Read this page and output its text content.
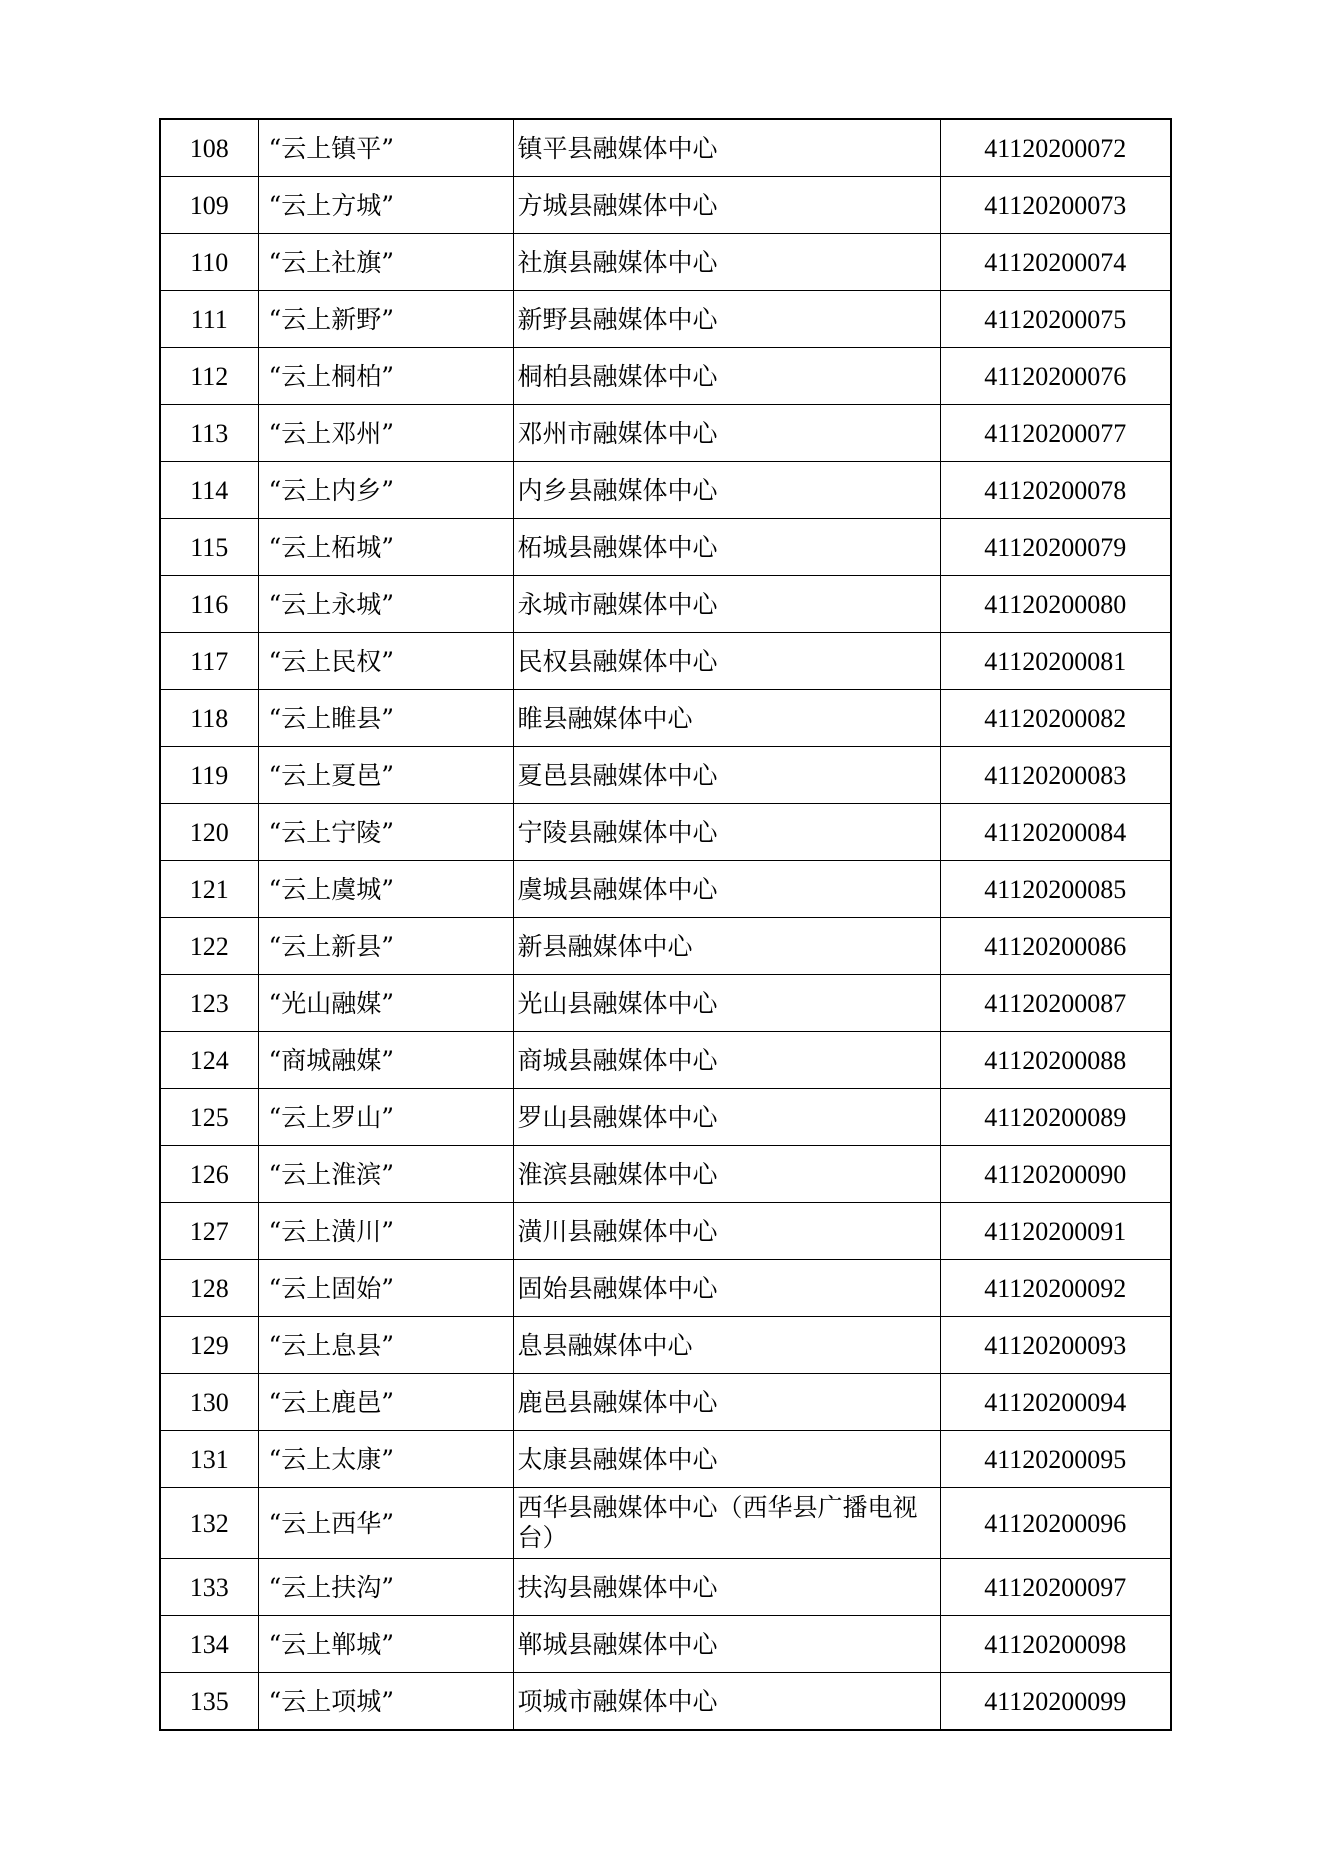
108	“云上镇平”	镇平县融媒体中心	41120200072
109	“云上方城”	方城县融媒体中心	41120200073
110	“云上社旗”	社旗县融媒体中心	41120200074
111	“云上新野”	新野县融媒体中心	41120200075
112	“云上桐柏”	桐柏县融媒体中心	41120200076
113	“云上邓州”	邓州市融媒体中心	41120200077
114	“云上内乡”	内乡县融媒体中心	41120200078
115	“云上柘城”	柘城县融媒体中心	41120200079
116	“云上永城”	永城市融媒体中心	41120200080
117	“云上民权”	民权县融媒体中心	41120200081
118	“云上睢县”	睢县融媒体中心	41120200082
119	“云上夏邑”	夏邑县融媒体中心	41120200083
120	“云上宁陵”	宁陵县融媒体中心	41120200084
121	“云上虞城”	虞城县融媒体中心	41120200085
122	“云上新县”	新县融媒体中心	41120200086
123	“光山融媒”	光山县融媒体中心	41120200087
124	“商城融媒”	商城县融媒体中心	41120200088
125	“云上罗山”	罗山县融媒体中心	41120200089
126	“云上淮滨”	淮滨县融媒体中心	41120200090
127	“云上潢川”	潢川县融媒体中心	41120200091
128	“云上固始”	固始县融媒体中心	41120200092
129	“云上息县”	息县融媒体中心	41120200093
130	“云上鹿邑”	鹿邑县融媒体中心	41120200094
131	“云上太康”	太康县融媒体中心	41120200095
132	“云上西华”	西华县融媒体中心（西华县广播电视台）	41120200096
133	“云上扶沟”	扶沟县融媒体中心	41120200097
134	“云上郸城”	郸城县融媒体中心	41120200098
135	“云上项城”	项城市融媒体中心	41120200099
